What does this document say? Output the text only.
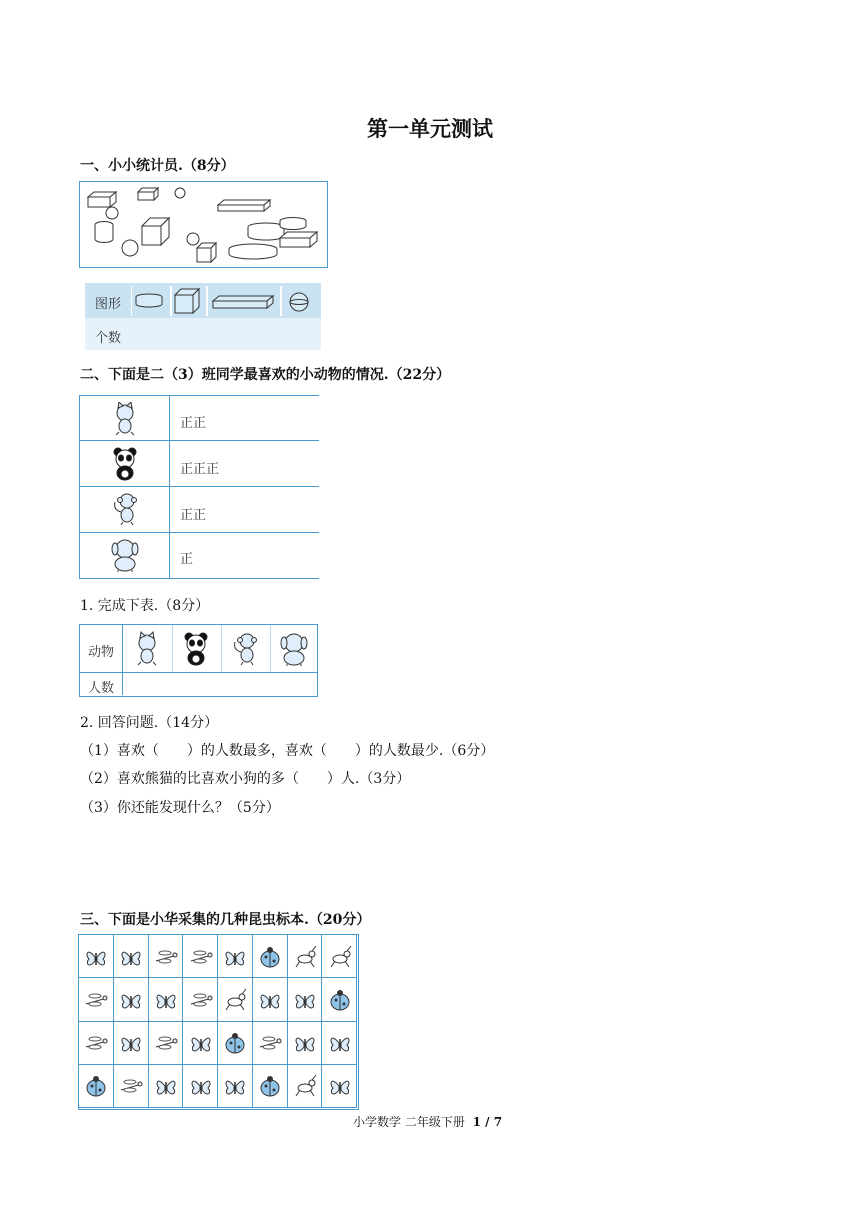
第一单元测试
一、小小统计员.（8分）
图形
个数
二、下面是二（3）班同学最喜欢的小动物的情况.（22分）
正正
正正正
正正
正
1. 完成下表.（8分）
动物
人数
2. 回答问题.（14分）
（1）喜欢（　　）的人数最多，喜欢（　　）的人数最少.（6分）
（2）喜欢熊猫的比喜欢小狗的多（　　）人.（3分）
（3）你还能发现什么？（5分）
三、下面是小华采集的几种昆虫标本.（20分）
小学数学 二年级下册 1 / 7
